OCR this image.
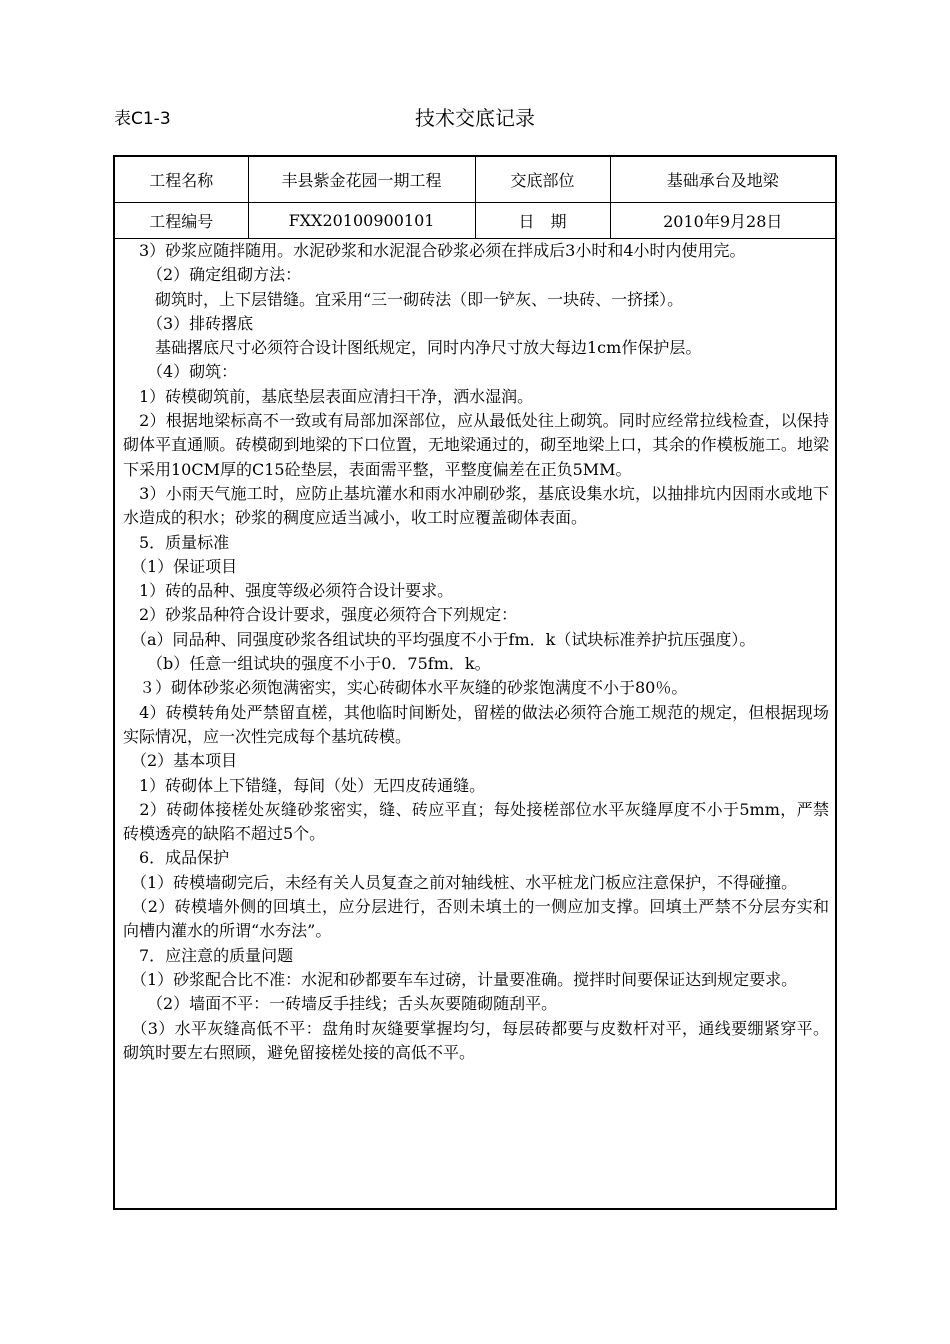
表C1-3	技术交底记录
工程名称	丰县紫金花园一期工程	交底部位	基础承台及地梁
工程编号	FXX20100900101	日　期	2010年9月28日

　3）砂浆应随拌随用。水泥砂浆和水泥混合砂浆必须在拌成后3小时和4小时内使用完。

　　（2）确定组砌方法：

　　砌筑时，上下层错缝。宜采用“三一砌砖法（即一铲灰、一块砖、一挤揉）。

　　（3）排砖撂底

　　基础撂底尺寸必须符合设计图纸规定，同时内净尺寸放大每边1cm作保护层。

　　（4）砌筑：

　1）砖模砌筑前，基底垫层表面应清扫干净，洒水湿润。

　2）根据地梁标高不一致或有局部加深部位，应从最低处往上砌筑。同时应经常拉线检查，以保持砌体平直通顺。砖模砌到地梁的下口位置，无地梁通过的，砌至地梁上口，其余的作模板施工。地梁下采用10CM厚的C15砼垫层，表面需平整，平整度偏差在正负5MM。

　3）小雨天气施工时，应防止基坑灌水和雨水冲刷砂浆，基底设集水坑，以抽排坑内因雨水或地下水造成的积水；砂浆的稠度应适当减小，收工时应覆盖砌体表面。

　5．质量标准

　（1）保证项目

　1）砖的品种、强度等级必须符合设计要求。

　2）砂浆品种符合设计要求，强度必须符合下列规定：

　（a）同品种、同强度砂浆各组试块的平均强度不小于fm．k（试块标准养护抗压强度）。

　　（b）任意一组试块的强度不小于0．75fm．k。

　３）砌体砂浆必须饱满密实，实心砖砌体水平灰缝的砂浆饱满度不小于80％。

　4）砖模转角处严禁留直槎，其他临时间断处，留槎的做法必须符合施工规范的规定，但根据现场实际情况，应一次性完成每个基坑砖模。

　（2）基本项目

　1）砖砌体上下错缝，每间（处）无四皮砖通缝。

　2）砖砌体接槎处灰缝砂浆密实，缝、砖应平直；每处接槎部位水平灰缝厚度不小于5mm，严禁砖模透亮的缺陷不超过5个。

　6．成品保护

　（1）砖模墙砌完后，未经有关人员复查之前对轴线桩、水平桩龙门板应注意保护，不得碰撞。

　（2）砖模墙外侧的回填土，应分层进行，否则未填土的一侧应加支撑。回填土严禁不分层夯实和向槽内灌水的所谓“水夯法”。

　7．应注意的质量问题

　（1）砂浆配合比不准：水泥和砂都要车车过磅，计量要准确。搅拌时间要保证达到规定要求。

　　（2）墙面不平：一砖墙反手挂线；舌头灰要随砌随刮平。

　（3）水平灰缝高低不平：盘角时灰缝要掌握均匀，每层砖都要与皮数杆对平，通线要绷紧穿平。砌筑时要左右照顾，避免留接槎处接的高低不平。
